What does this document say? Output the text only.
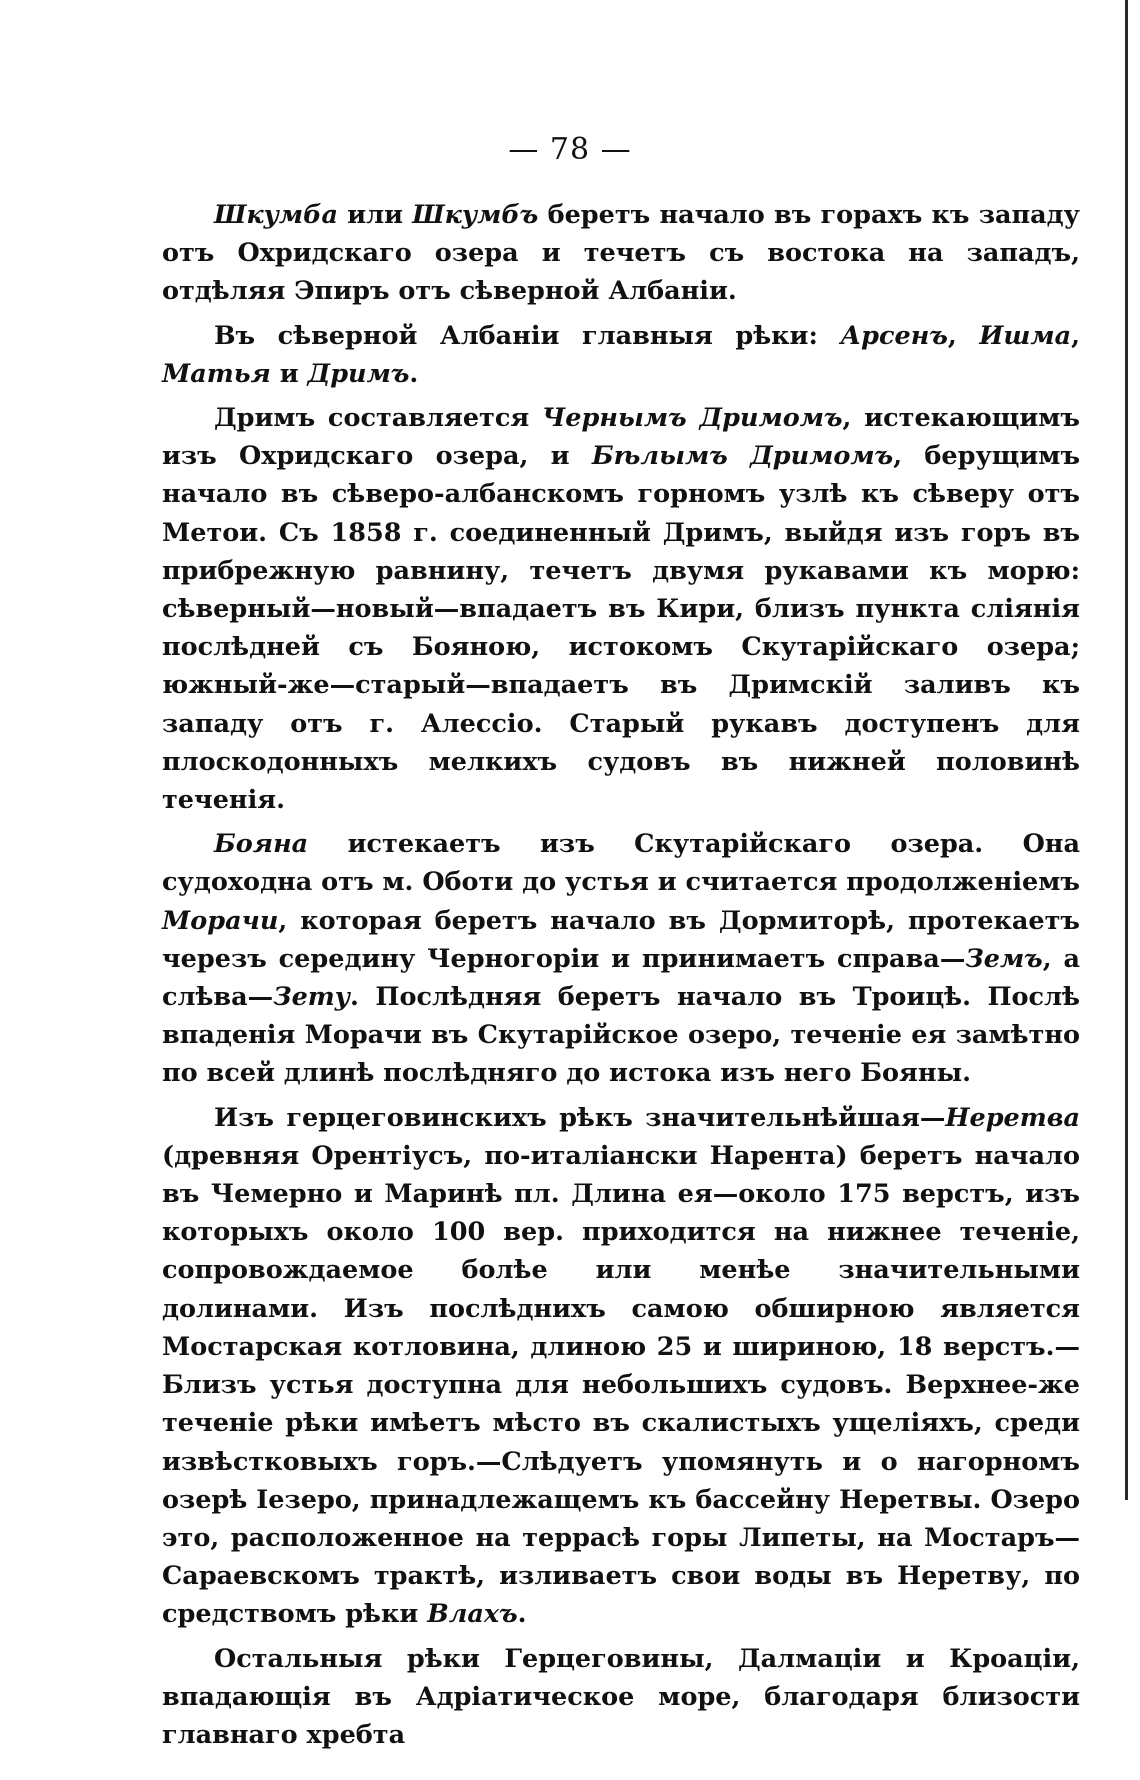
— 78 —

Шкумба или Шкумбъ беретъ начало въ горахъ къ западу отъ Охридскаго озера и течетъ съ востока на западъ, отдѣляя Эпиръ отъ сѣверной Албаніи.

Въ сѣверной Албаніи главныя рѣки: Арсенъ, Ишма, Матья и Дримъ.

Дримъ составляется Чернымъ Дримомъ, истекающимъ изъ Охридскаго озера, и Бѣлымъ Дримомъ, берущимъ начало въ сѣверо-албанскомъ горномъ узлѣ къ сѣверу отъ Метои. Съ 1858 г. соединенный Дримъ, выйдя изъ горъ въ прибрежную равнину, течетъ двумя рукавами къ морю: сѣверный—новый—впадаетъ въ Кири, близъ пункта сліянія послѣдней съ Бояною, истокомъ Скутарійскаго озера; южный-же—старый—впадаетъ въ Дримскій заливъ къ западу отъ г. Алессіо. Старый рукавъ доступенъ для плоскодонныхъ мелкихъ судовъ въ нижней половинѣ теченія.

Бояна истекаетъ изъ Скутарійскаго озера. Она судоходна отъ м. Оботи до устья и считается продолженіемъ Морачи, которая беретъ начало въ Дормиторѣ, протекаетъ черезъ середину Черногоріи и принимаетъ справа—Земъ, а слѣва—Зету. Послѣдняя беретъ начало въ Троицѣ. Послѣ впаденія Морачи въ Скутарійское озеро, теченіе ея замѣтно по всей длинѣ послѣдняго до истока изъ него Бояны.

Изъ герцеговинскихъ рѣкъ значительнѣйшая—Неретва (древняя Орентіусъ, по-италіански Нарента) беретъ начало въ Чемерно и Маринѣ пл. Длина ея—около 175 верстъ, изъ которыхъ около 100 вер. приходится на нижнее теченіе, сопровождаемое болѣе или менѣе значительными долинами. Изъ послѣднихъ самою обширною является Мостарская котловина, длиною 25 и шириною, 18 верстъ.—Близъ устья доступна для небольшихъ судовъ. Верхнее-же теченіе рѣки имѣетъ мѣсто въ скалистыхъ ущеліяхъ, среди извѣстковыхъ горъ.—Слѣдуетъ упомянуть и о нагорномъ озерѣ Іезеро, принадлежащемъ къ бассейну Неретвы. Озеро это, расположенное на террасѣ горы Липеты, на Мостаръ—Сараевскомъ трактѣ, изливаетъ свои воды въ Неретву, по средствомъ рѣки Влахъ.

Остальныя рѣки Герцеговины, Далмаціи и Кроаціи, впадающія въ Адріатическое море, благодаря близости главнаго хребта
